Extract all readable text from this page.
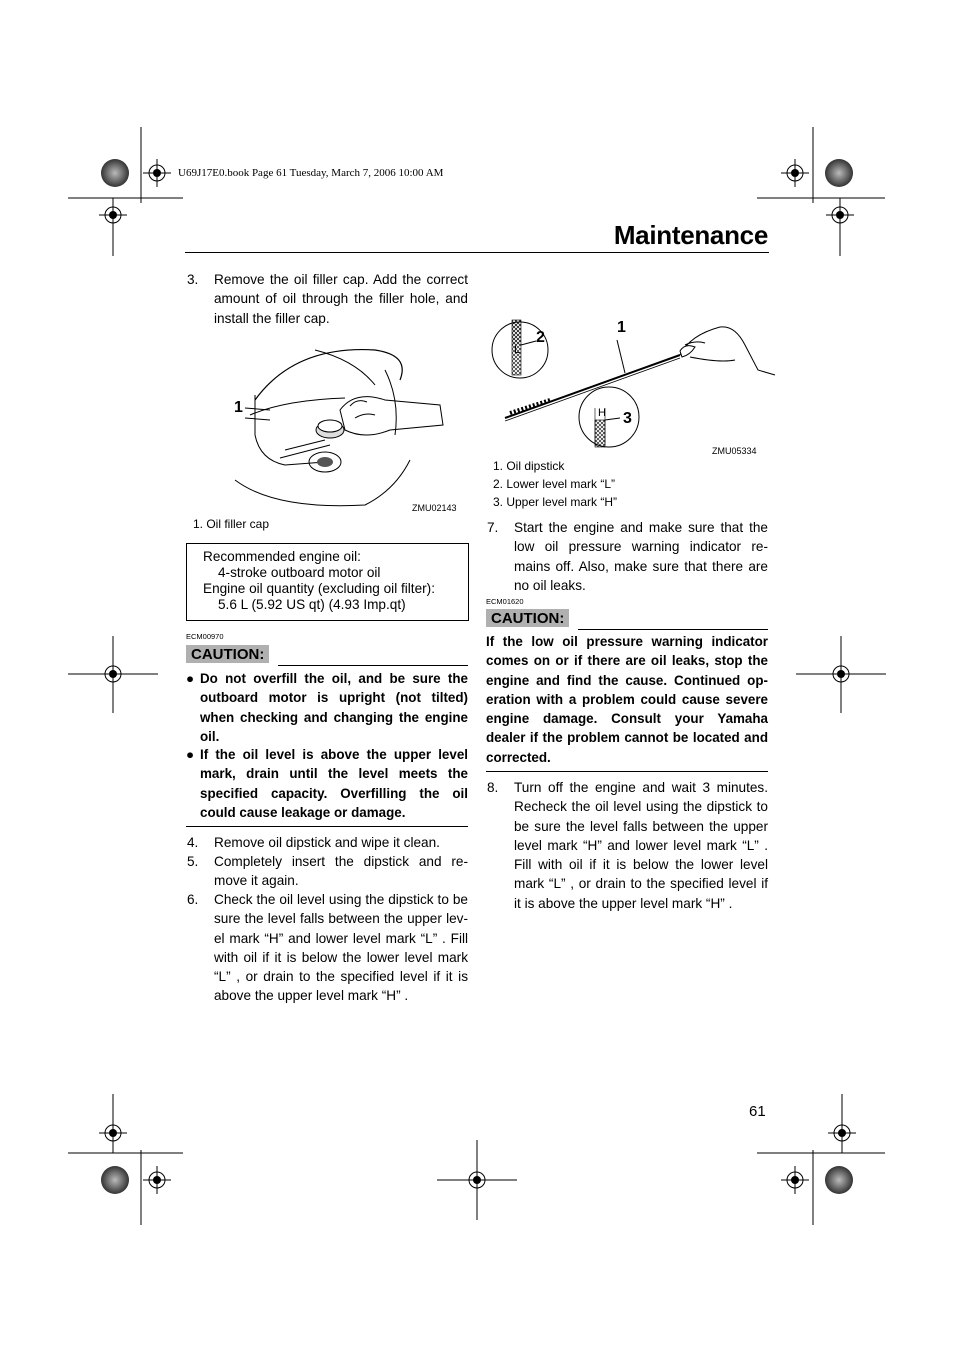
U69J17E0.book Page 61 Tuesday, March 7, 2006 10:00 AM
Maintenance
3. Remove the oil filler cap. Add the correct amount of oil through the filler hole, and install the filler cap.
1
ZMU02143
1. Oil filler cap
Recommended engine oil:
4-stroke outboard motor oil
Engine oil quantity (excluding oil filter):
5.6 L (5.92 US qt) (4.93 Imp.qt)
ECM00970
CAUTION:
● Do not overfill the oil, and be sure the outboard motor is upright (not tilted) when checking and changing the engine oil.
● If the oil level is above the upper level mark, drain until the level meets the specified capacity. Overfilling the oil could cause leakage or damage.
4. Remove oil dipstick and wipe it clean.
5. Completely insert the dipstick and re-move it again.
6. Check the oil level using the dipstick to be sure the level falls between the upper lev-el mark “H” and lower level mark “L” . Fill with oil if it is below the lower level mark “L” , or drain to the specified level if it is above the upper level mark “H” .
2
1
3
L
H
ZMU05334
1. Oil dipstick
2. Lower level mark “L”
3. Upper level mark “H”
7. Start the engine and make sure that the low oil pressure warning indicator re-mains off. Also, make sure that there are no oil leaks.
ECM01620
CAUTION:
If the low oil pressure warning indicator comes on or if there are oil leaks, stop the engine and find the cause. Continued op-eration with a problem could cause severe engine damage. Consult your Yamaha dealer if the problem cannot be located and corrected.
8. Turn off the engine and wait 3 minutes. Recheck the oil level using the dipstick to be sure the level falls between the upper level mark “H” and lower level mark “L” . Fill with oil if it is below the lower level mark “L” , or drain to the specified level if it is above the upper level mark “H” .
61
